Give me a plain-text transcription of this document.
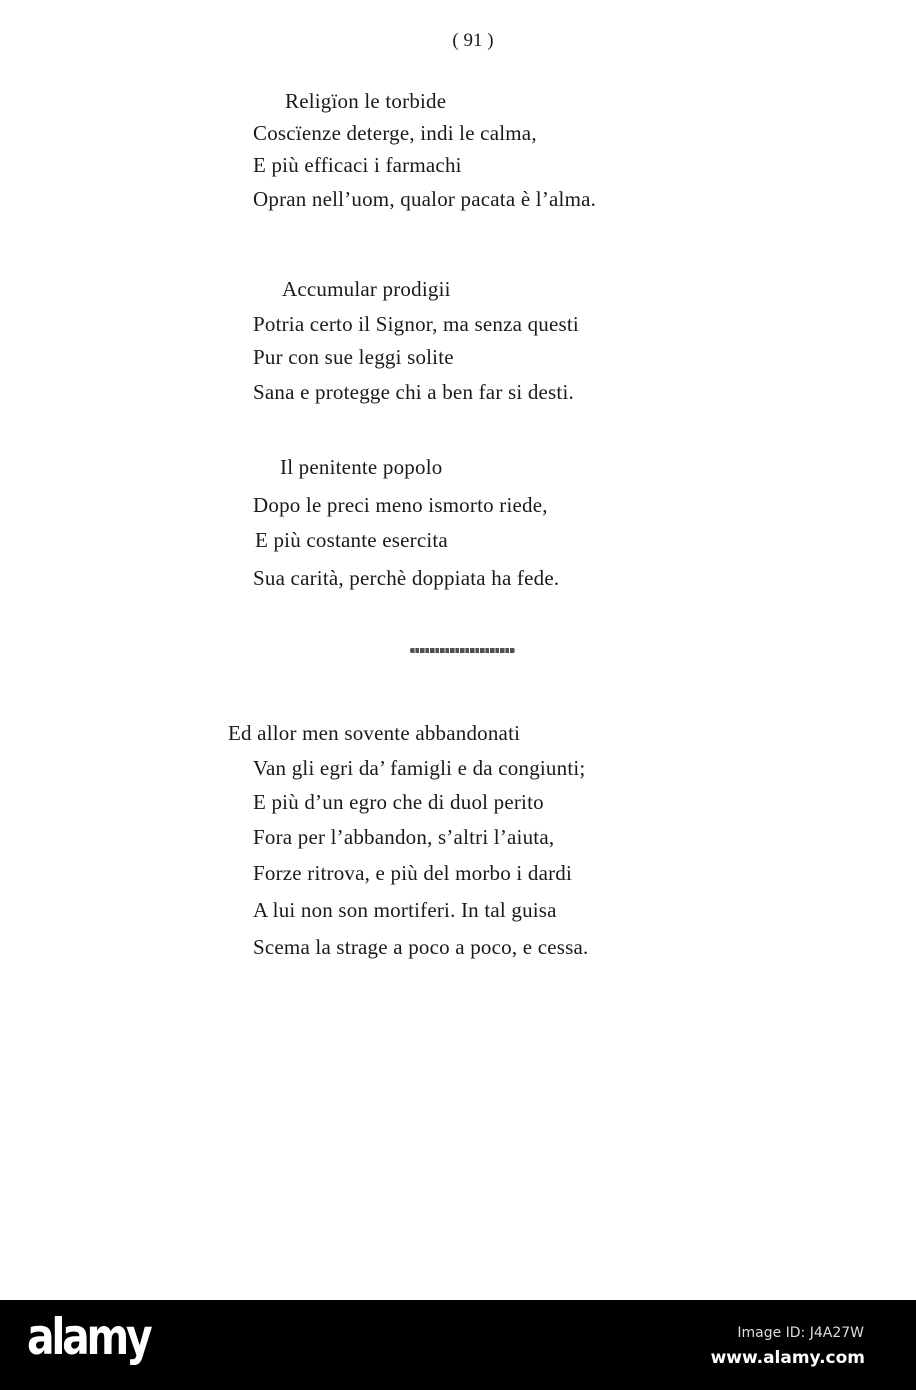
( 91 )
Religïon le torbide
Coscïenze deterge, indi le calma,
E più efficaci i farmachi
Opran nell’uom, qualor pacata è l’alma.
Accumular prodigii
Potria certo il Signor, ma senza questi
Pur con sue leggi solite
Sana e protegge chi a ben far si desti.
Il penitente popolo
Dopo le preci meno ismorto riede,
E più costante esercita
Sua carità, perchè doppiata ha fede.
Ed allor men sovente abbandonati
Van gli egri da’ famigli e da congiunti;
E più d’un egro che di duol perito
Fora per l’abbandon, s’altri l’aiuta,
Forze ritrova, e più del morbo i dardi
A lui non son mortiferi. In tal guisa
Scema la strage a poco a poco, e cessa.
alamy	Image ID: J4A27W
www.alamy.com
